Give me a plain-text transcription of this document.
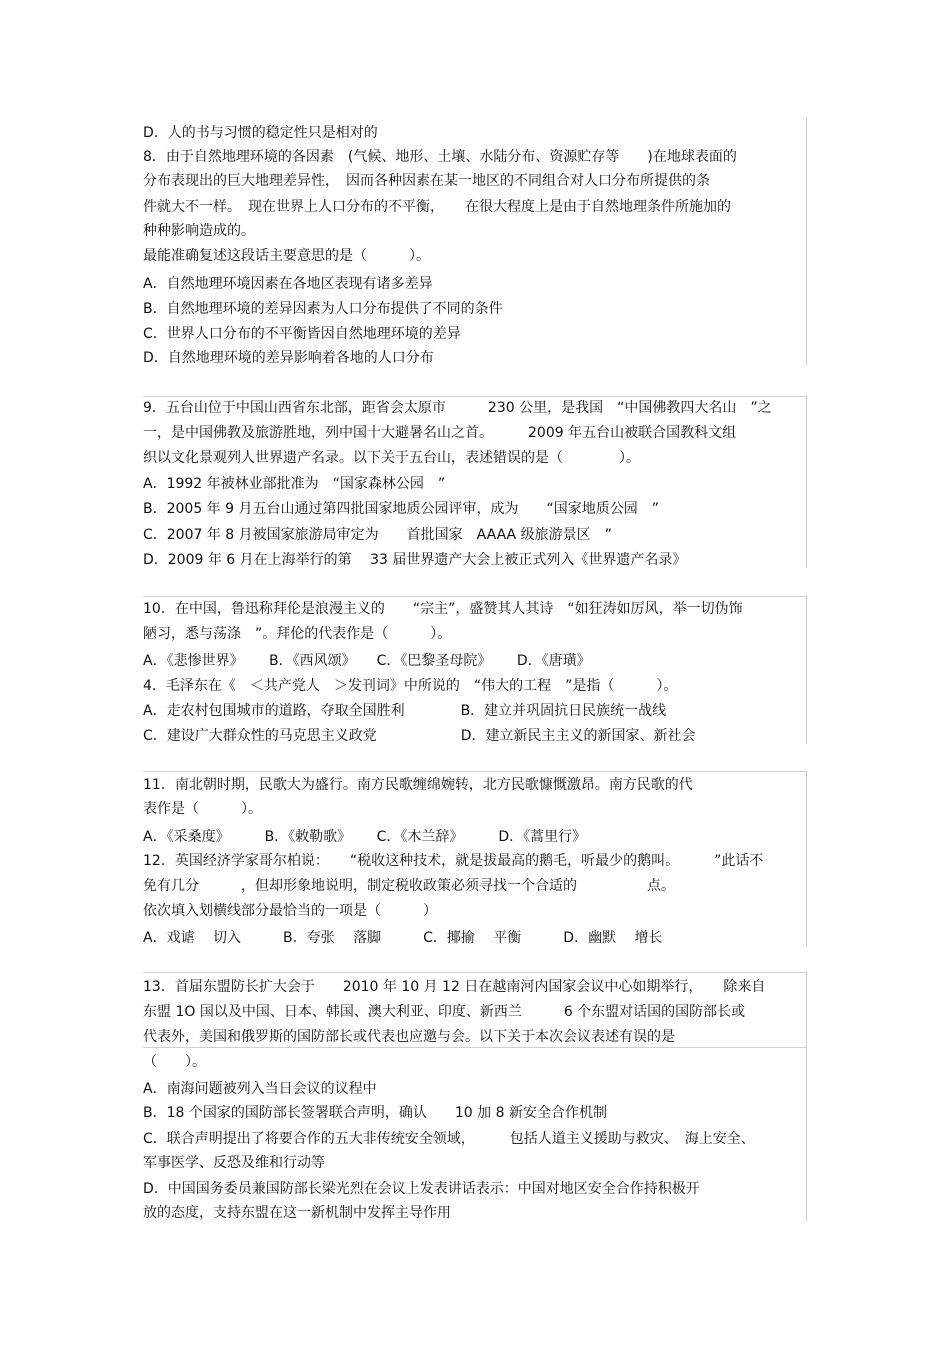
D．人的书与习惯的稳定性只是相对的
8．由于自然地理环境的各因素　(气候、地形、土壤、水陆分布、资源贮存等　　)在地球表面的
分布表现出的巨大地理差异性，　因而各种因素在某一地区的不同组合对人口分布所提供的条
件就大不一样。　现在世界上人口分布的不平衡，　　在很大程度上是由于自然地理条件所施加的
种种影响造成的。
最能准确复述这段话主要意思的是（　　　）。
A．自然地理环境因素在各地区表现有诸多差异
B．自然地理环境的差异因素为人口分布提供了不同的条件
C．世界人口分布的不平衡皆因自然地理环境的差异
D．自然地理环境的差异影响着各地的人口分布
9．五台山位于中国山西省东北部，距省会太原市　　　230 公里，是我国　“中国佛教四大名山　”之
一，是中国佛教及旅游胜地，列中国十大避暑名山之首。　　　2009 年五台山被联合国教科文组
织以文化景观列人世界遗产名录。以下关于五台山，表述错误的是（　　　　）。
A．1992 年被林业部批准为　“国家森林公园　”
B．2005 年 9 月五台山通过第四批国家地质公园评审，成为　　“国家地质公园　”
C．2007 年 8 月被国家旅游局审定为　　首批国家　AAAA 级旅游景区　”
D．2009 年 6 月在上海举行的第　 33 届世界遗产大会上被正式列入《世界遗产名录》
10．在中国，鲁迅称拜伦是浪漫主义的　　“宗主”，盛赞其人其诗　“如狂涛如厉风，举一切伪饰
陋习，悉与荡涤　”。拜伦的代表作是（　　　）。
A．《悲惨世界》　　 B．《西风颂》　　C．《巴黎圣母院》　　 D．《唐璜》
4．毛泽东在《　＜共产党人　＞发刊词》中所说的　“伟大的工程　”是指（　　　）。
A．走农村包围城市的道路，夺取全国胜利　　　　B．建立并巩固抗日民族统一战线
C．建设广大群众性的马克思主义政党　　　　　　D．建立新民主主义的新国家、新社会
11．南北朝时期，民歌大为盛行。南方民歌缠绵婉转，北方民歌慷慨激昂。南方民歌的代
表作是（　　　）。
A．《采桑度》　　　B．《敕勒歌》　　 C．《木兰辞》　　　D．《蒿里行》
12．英国经济学家哥尔柏说：　　“税收这种技术，就是拔最高的鹅毛，听最少的鹅叫。　　　”此话不
免有几分　　　，但却形象地说明，制定税收政策必须寻找一个合适的　　　　　点。
依次填入划横线部分最恰当的一项是（　　　）
A．戏谑　 切入　　　B．夸张　 落脚　　　C．揶揄　 平衡　　　D．幽默　 增长
13．首届东盟防长扩大会于　　2010 年 10 月 12 日在越南河内国家会议中心如期举行，　　除来自
东盟 1O 国以及中国、日本、韩国、澳大利亚、印度、新西兰　　　6 个东盟对话国的国防部长或
代表外，美国和俄罗斯的国防部长或代表也应邀与会。以下关于本次会议表述有误的是
（　　）。
A．南海问题被列入当日会议的议程中
B．18 个国家的国防部长签署联合声明，确认　　10 加 8 新安全合作机制
C．联合声明提出了将要合作的五大非传统安全领域，　　　包括人道主义援助与救灾、　海上安全、
军事医学、反恐及维和行动等
D．中国国务委员兼国防部长梁光烈在会议上发表讲话表示：中国对地区安全合作持积极开
放的态度，支持东盟在这一新机制中发挥主导作用
